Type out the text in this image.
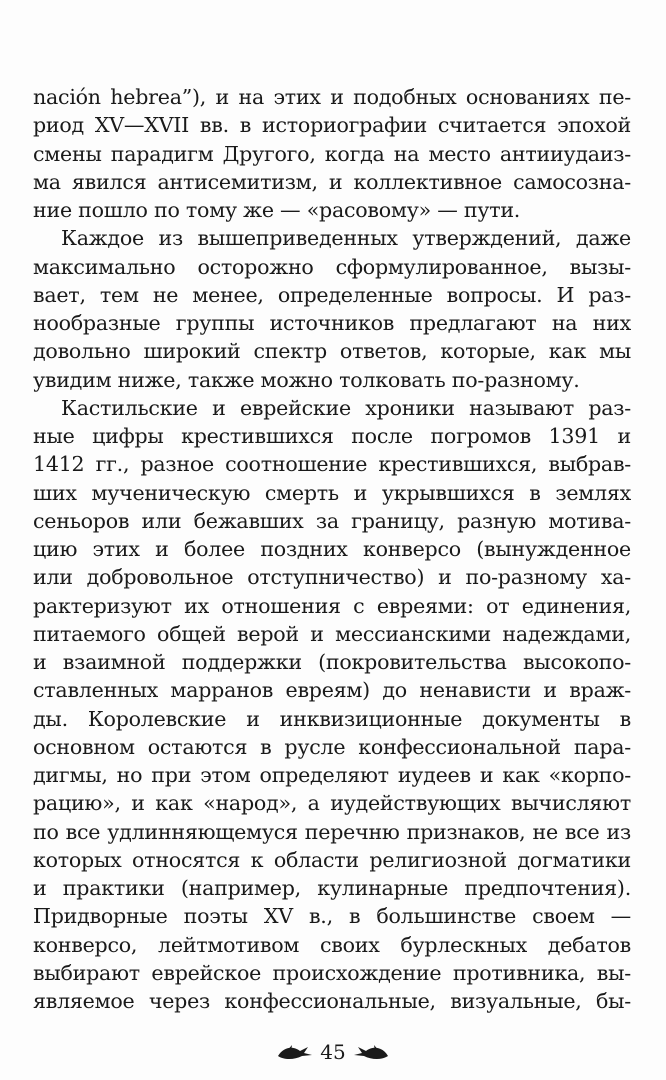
nación hebrea”), и на этих и подобных основаниях пе-
риод XV—XVII вв. в историографии считается эпохой
смены парадигм Другого, когда на место антииудаиз-
ма явился антисемитизм, и коллективное самосозна-
ние пошло по тому же — «расовому» — пути.
Каждое из вышеприведенных утверждений, даже
максимально осторожно сформулированное, вызы-
вает, тем не менее, определенные вопросы. И раз-
нообразные группы источников предлагают на них
довольно широкий спектр ответов, которые, как мы
увидим ниже, также можно толковать по-разному.
Кастильские и еврейские хроники называют раз-
ные цифры крестившихся после погромов 1391 и
1412 гг., разное соотношение крестившихся, выбрав-
ших мученическую смерть и укрывшихся в землях
сеньоров или бежавших за границу, разную мотива-
цию этих и более поздних конверсо (вынужденное
или добровольное отступничество) и по-разному ха-
рактеризуют их отношения с евреями: от единения,
питаемого общей верой и мессианскими надеждами,
и взаимной поддержки (покровительства высокопо-
ставленных марранов евреям) до ненависти и враж-
ды. Королевские и инквизиционные документы в
основном остаются в русле конфессиональной пара-
дигмы, но при этом определяют иудеев и как «корпо-
рацию», и как «народ», а иудействующих вычисляют
по все удлинняющемуся перечню признаков, не все из
которых относятся к области религиозной догматики
и практики (например, кулинарные предпочтения).
Придворные поэты XV в., в большинстве своем —
конверсо, лейтмотивом своих бурлескных дебатов
выбирают еврейское происхождение противника, вы-
являемое через конфессиональные, визуальные, бы-
45
